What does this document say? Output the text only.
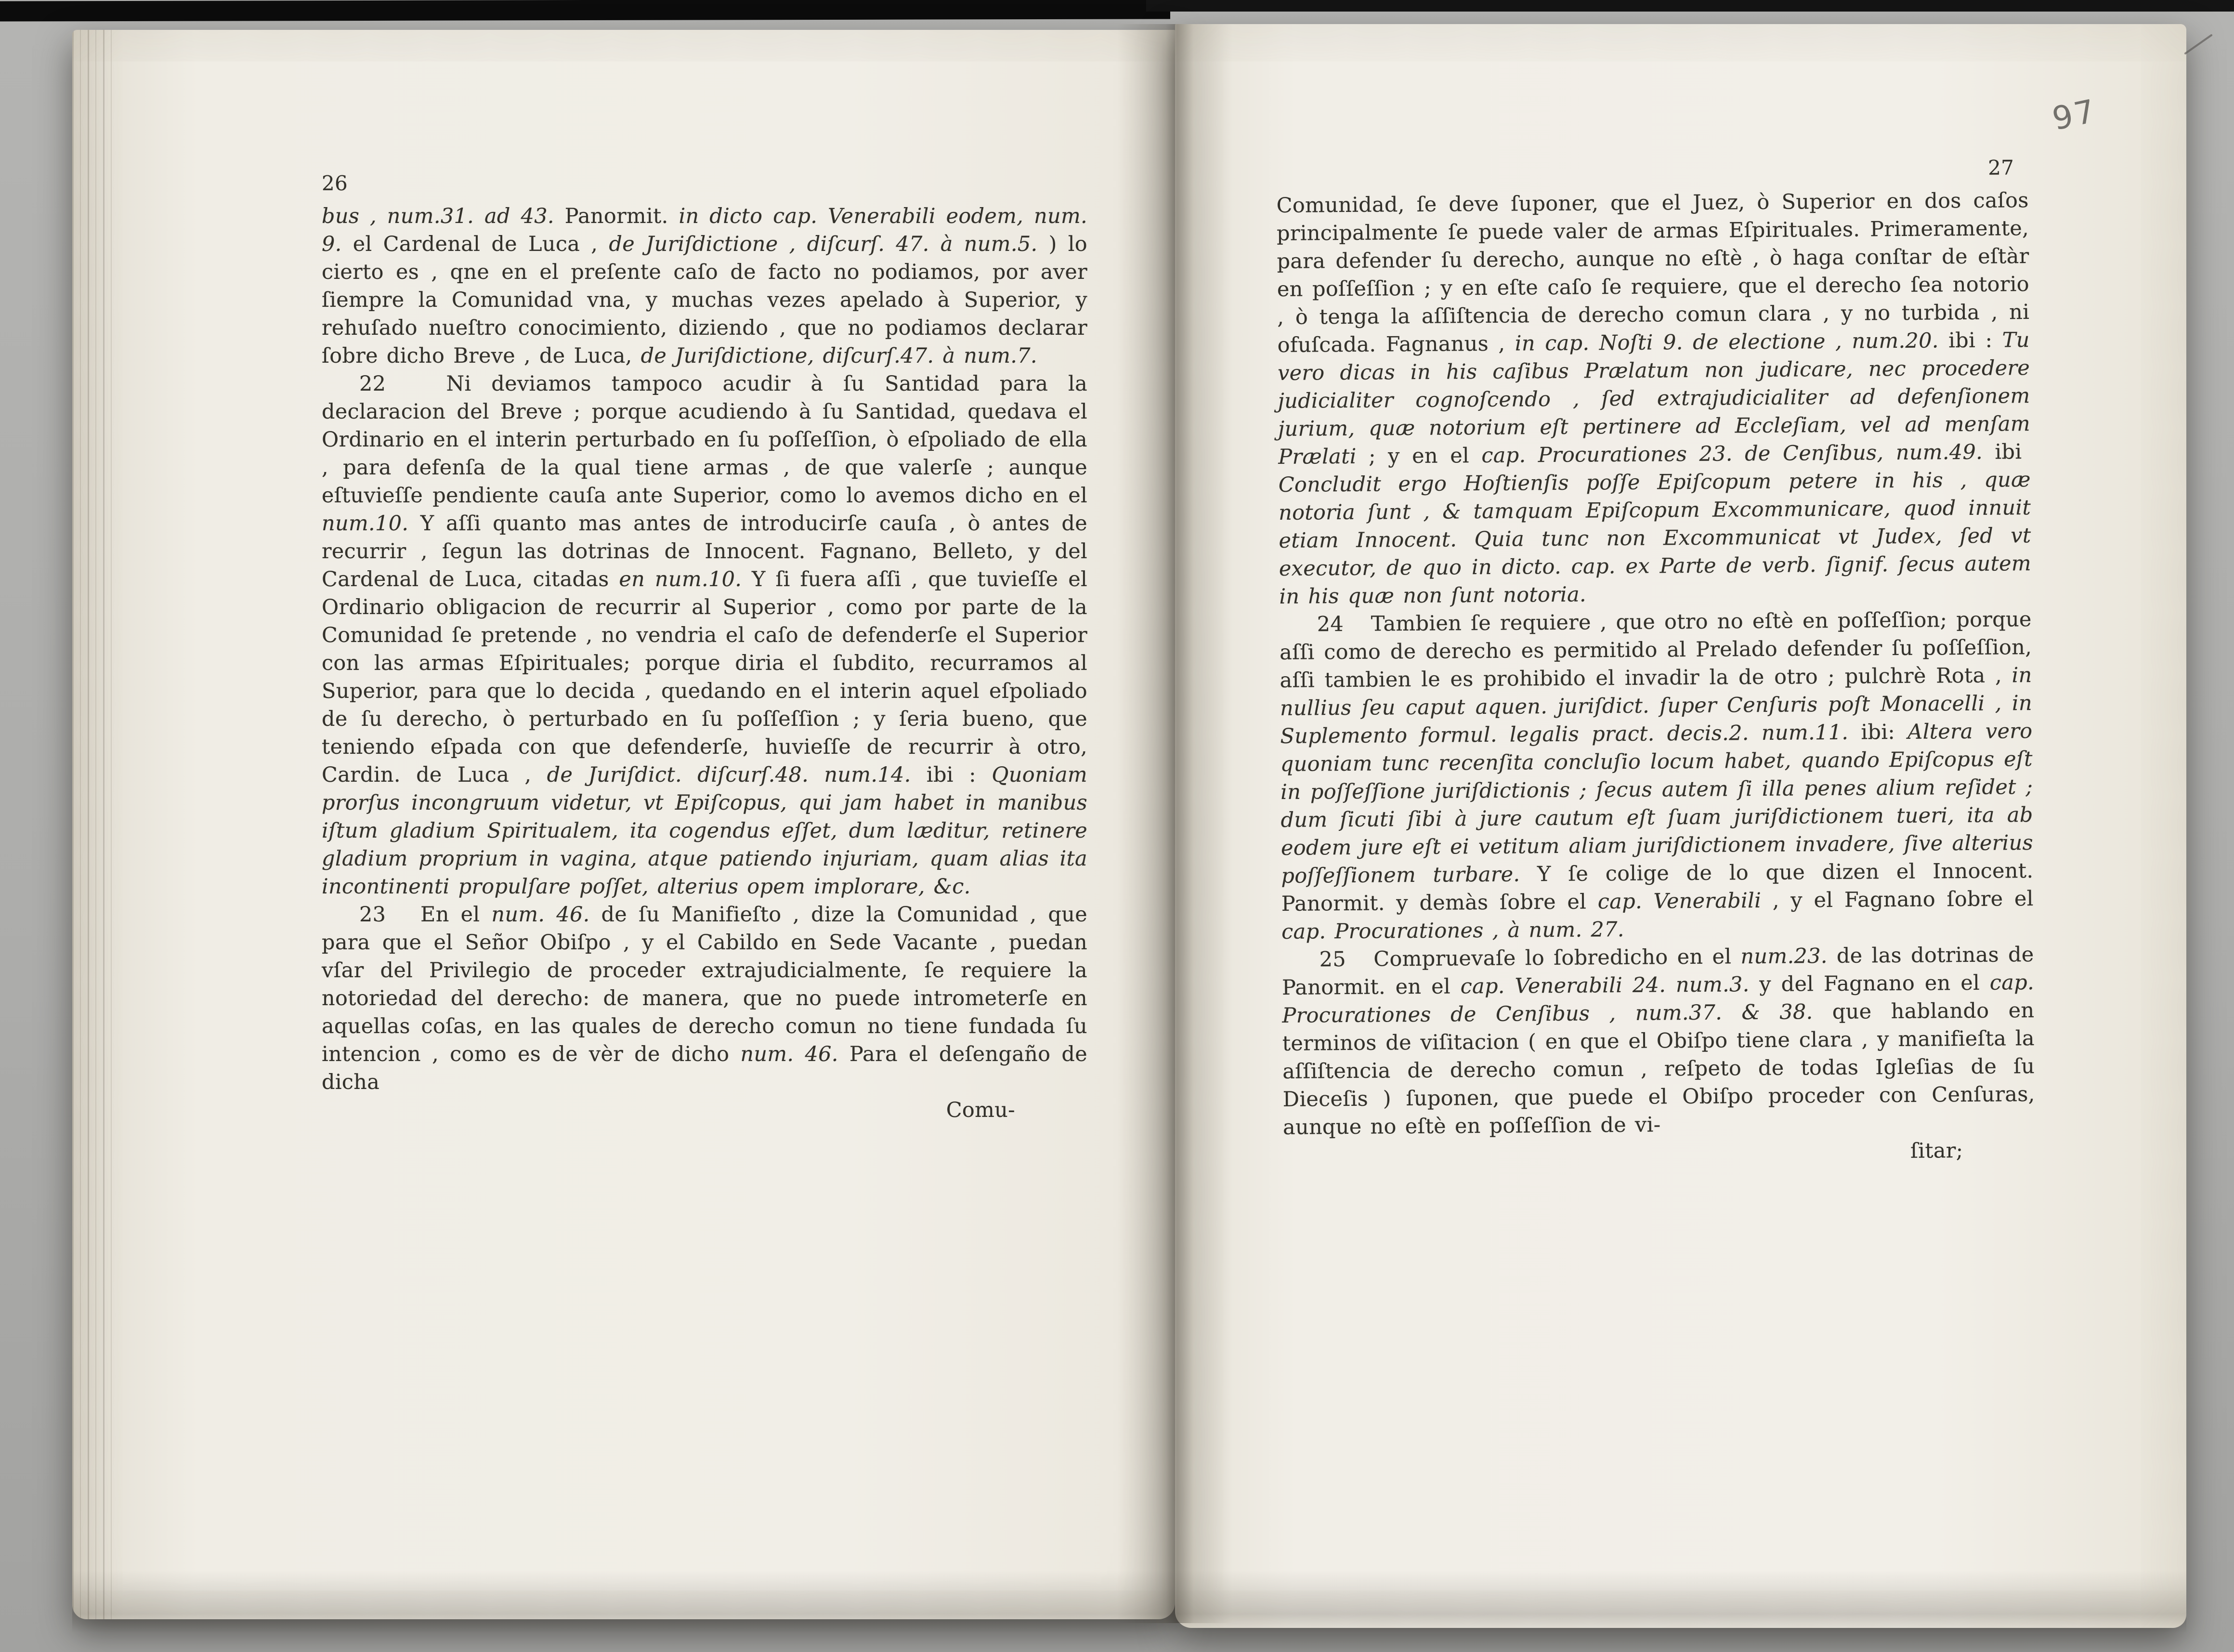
26

bus , num.31. ad 43. Panormit. in dicto cap. Venerabili eodem, num. 9. el Cardenal de Luca , de Juriſdictione , diſcurſ. 47. à num.5. ) lo cierto es , qne en el preſente caſo de facto no podiamos, por aver ſiempre la Comunidad vna, y muchas vezes apelado à Superior, y rehuſado nueſtro conocimiento, diziendo , que no podiamos declarar ſobre dicho Breve , de Luca, de Juriſdictione, diſcurſ.47. à num.7.

22   Ni deviamos tampoco acudir à ſu Santidad para la declaracion del Breve ; porque acudiendo à ſu Santidad, quedava el Ordinario en el interin perturbado en ſu poſſeſſion, ò eſpoliado de ella , para defenſa de la qual tiene armas , de que valerſe ; aunque eſtuvieſſe pendiente cauſa ante Superior, como lo avemos dicho en el num.10. Y aſſi quanto mas antes de introducirſe cauſa , ò antes de recurrir , ſegun las dotrinas de Innocent. Fagnano, Belleto, y del Cardenal de Luca, citadas en num.10. Y ſi fuera aſſi , que tuvieſſe el Ordinario obligacion de recurrir al Superior , como por parte de la Comunidad ſe pretende , no vendria el caſo de defenderſe el Superior con las armas Eſpirituales; porque diria el ſubdito, recurramos al Superior, para que lo decida , quedando en el interin aquel eſpoliado de ſu derecho, ò perturbado en ſu poſſeſſion ; y ſeria bueno, que teniendo eſpada con que defenderſe, huvieſſe de recurrir à otro, Cardin. de Luca , de Juriſdict. diſcurſ.48. num.14. ibi : Quoniam prorſus incongruum videtur, vt Epiſcopus, qui jam habet in manibus iſtum gladium Spiritualem, ita cogendus eſſet, dum læditur, retinere gladium proprium in vagina, atque patiendo injuriam, quam alias ita incontinenti propulſare poſſet, alterius opem implorare, &c.

23   En el num. 46. de ſu Manifieſto , dize la Comunidad , que para que el Señor Obiſpo , y el Cabildo en Sede Vacante , puedan vſar del Privilegio de proceder extrajudicialmente, ſe requiere la notoriedad del derecho: de manera, que no puede intrometerſe en aquellas coſas, en las quales de derecho comun no tiene fundada ſu intencion , como es de vèr de dicho num. 46. Para el deſengaño de dicha

Comu-
27

Comunidad, ſe deve ſuponer, que el Juez, ò Superior en dos caſos principalmente ſe puede valer de armas Eſpirituales. Primeramente, para defender ſu derecho, aunque no eſtè , ò haga conſtar de eſtàr en poſſeſſion ; y en eſte caſo ſe requiere, que el derecho ſea notorio , ò tenga la aſſiſtencia de derecho comun clara , y no turbida , ni ofuſcada. Fagnanus , in cap. Noſti 9. de electione , num.20. ibi : Tu vero dicas in his caſibus Prælatum non judicare, nec procedere judicialiter cognoſcendo , ſed extrajudicialiter ad defenſionem jurium, quæ notorium eſt pertinere ad Eccleſiam, vel ad menſam Prælati ; y en el cap. Procurationes 23. de Cenſibus, num.49. ibi  Concludit ergo Hoſtienſis poſſe Epiſcopum petere in his , quæ notoria ſunt , & tamquam Epiſcopum Excommunicare, quod innuit etiam Innocent. Quia tunc non Excommunicat vt Judex, ſed vt executor, de quo in dicto. cap. ex Parte de verb. ſignif. ſecus autem in his quæ non ſunt notoria.

24   Tambien ſe requiere , que otro no eſtè en poſſeſſion; porque aſſi como de derecho es permitido al Prelado defender ſu poſſeſſion, aſſi tambien le es prohibido el invadir la de otro ; pulchrè Rota , in nullius ſeu caput aquen. juriſdict. ſuper Cenſuris poſt Monacelli , in Suplemento formul. legalis pract. decis.2. num.11. ibi: Altera vero quoniam tunc recenſita concluſio locum habet, quando Epiſcopus eſt in poſſeſſione juriſdictionis ; ſecus autem ſi illa penes alium reſidet ; dum ſicuti ſibi à jure cautum eſt ſuam juriſdictionem tueri, ita ab eodem jure eſt ei vetitum aliam juriſdictionem invadere, ſive alterius poſſeſſionem turbare. Y ſe colige de lo que dizen el Innocent. Panormit. y demàs ſobre el cap. Venerabili , y el Fagnano ſobre el cap. Procurationes , à num. 27.

25   Compruevaſe lo ſobredicho en el num.23. de las dotrinas de Panormit. en el cap. Venerabili 24. num.3. y del Fagnano en el cap. Procurationes de Cenſibus , num.37. & 38. que hablando en terminos de viſitacion ( en que el Obiſpo tiene clara , y manifieſta la aſſiſtencia de derecho comun , reſpeto de todas Igleſias de ſu Dieceſis ) ſuponen, que puede el Obiſpo proceder con Cenſuras, aunque no eſtè en poſſeſſion de vi-

ſitar;
97
